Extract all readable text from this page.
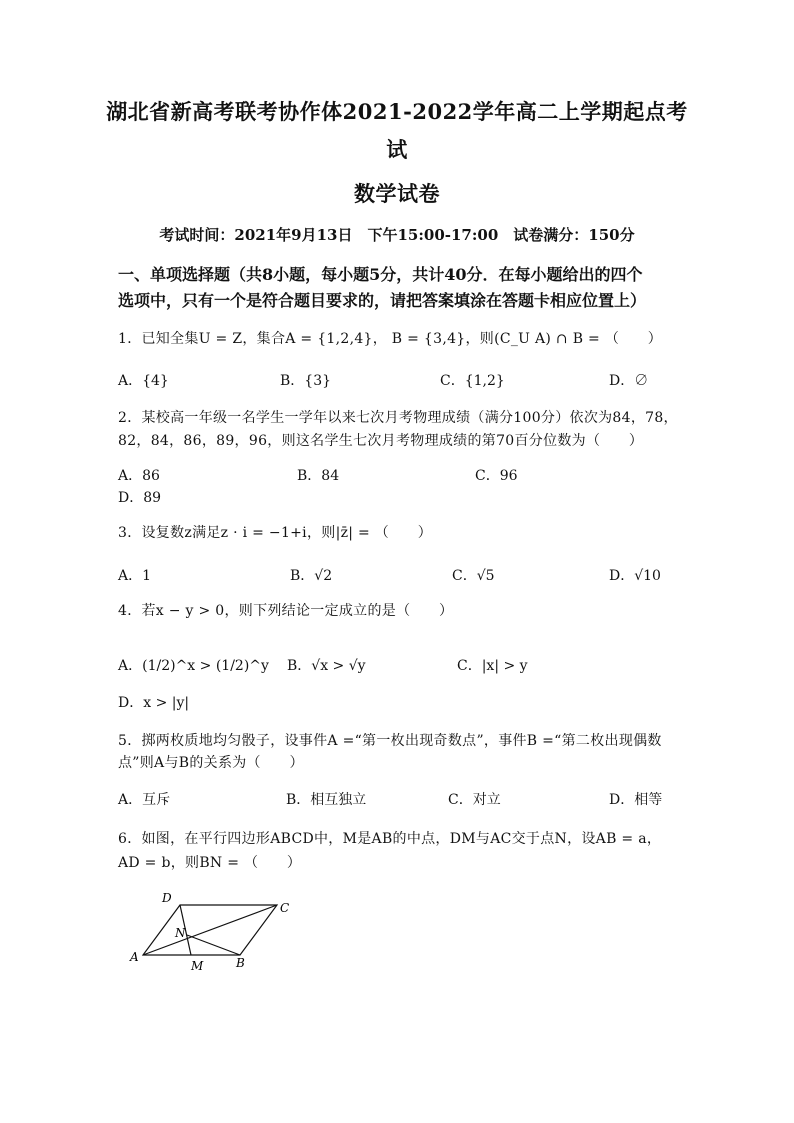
湖北省新高考联考协作体2021-2022学年高二上学期起点考
试
数学试卷
考试时间：2021年9月13日　下午15:00-17:00　试卷满分：150分
一、单项选择题（共8小题，每小题5分，共计40分．在每小题给出的四个
选项中，只有一个是符合题目要求的，请把答案填涂在答题卡相应位置上）
1．已知全集U = Z，集合A = {1,2,4}， B = {3,4}，则(C_U A) ∩ B = （　　）
A．{4}	B．{3}	C．{1,2}	D．∅
2．某校高一年级一名学生一学年以来七次月考物理成绩（满分100分）依次为84，78，
82，84，86，89，96，则这名学生七次月考物理成绩的第70百分位数为（　　）
A．86	B．84	C．96
D．89
3．设复数z满足z · i = −1+i，则|z̄| = （　　）
A．1	B．√2	C．√5	D．√10
4．若x − y > 0，则下列结论一定成立的是（　　）
A．(1/2)^x > (1/2)^y B．√x > √y	C．|x| > y
D．x > |y|
5．掷两枚质地均匀骰子，设事件A =“第一枚出现奇数点”，事件B =“第二枚出现偶数
点”则A与B的关系为（　　）
A．互斥	B．相互独立	C．对立	D．相等
6．如图，在平行四边形ABCD中，M是AB的中点，DM与AC交于点N，设AB = a，
AD = b，则BN = （　　）
D
C
N
A
M	B
